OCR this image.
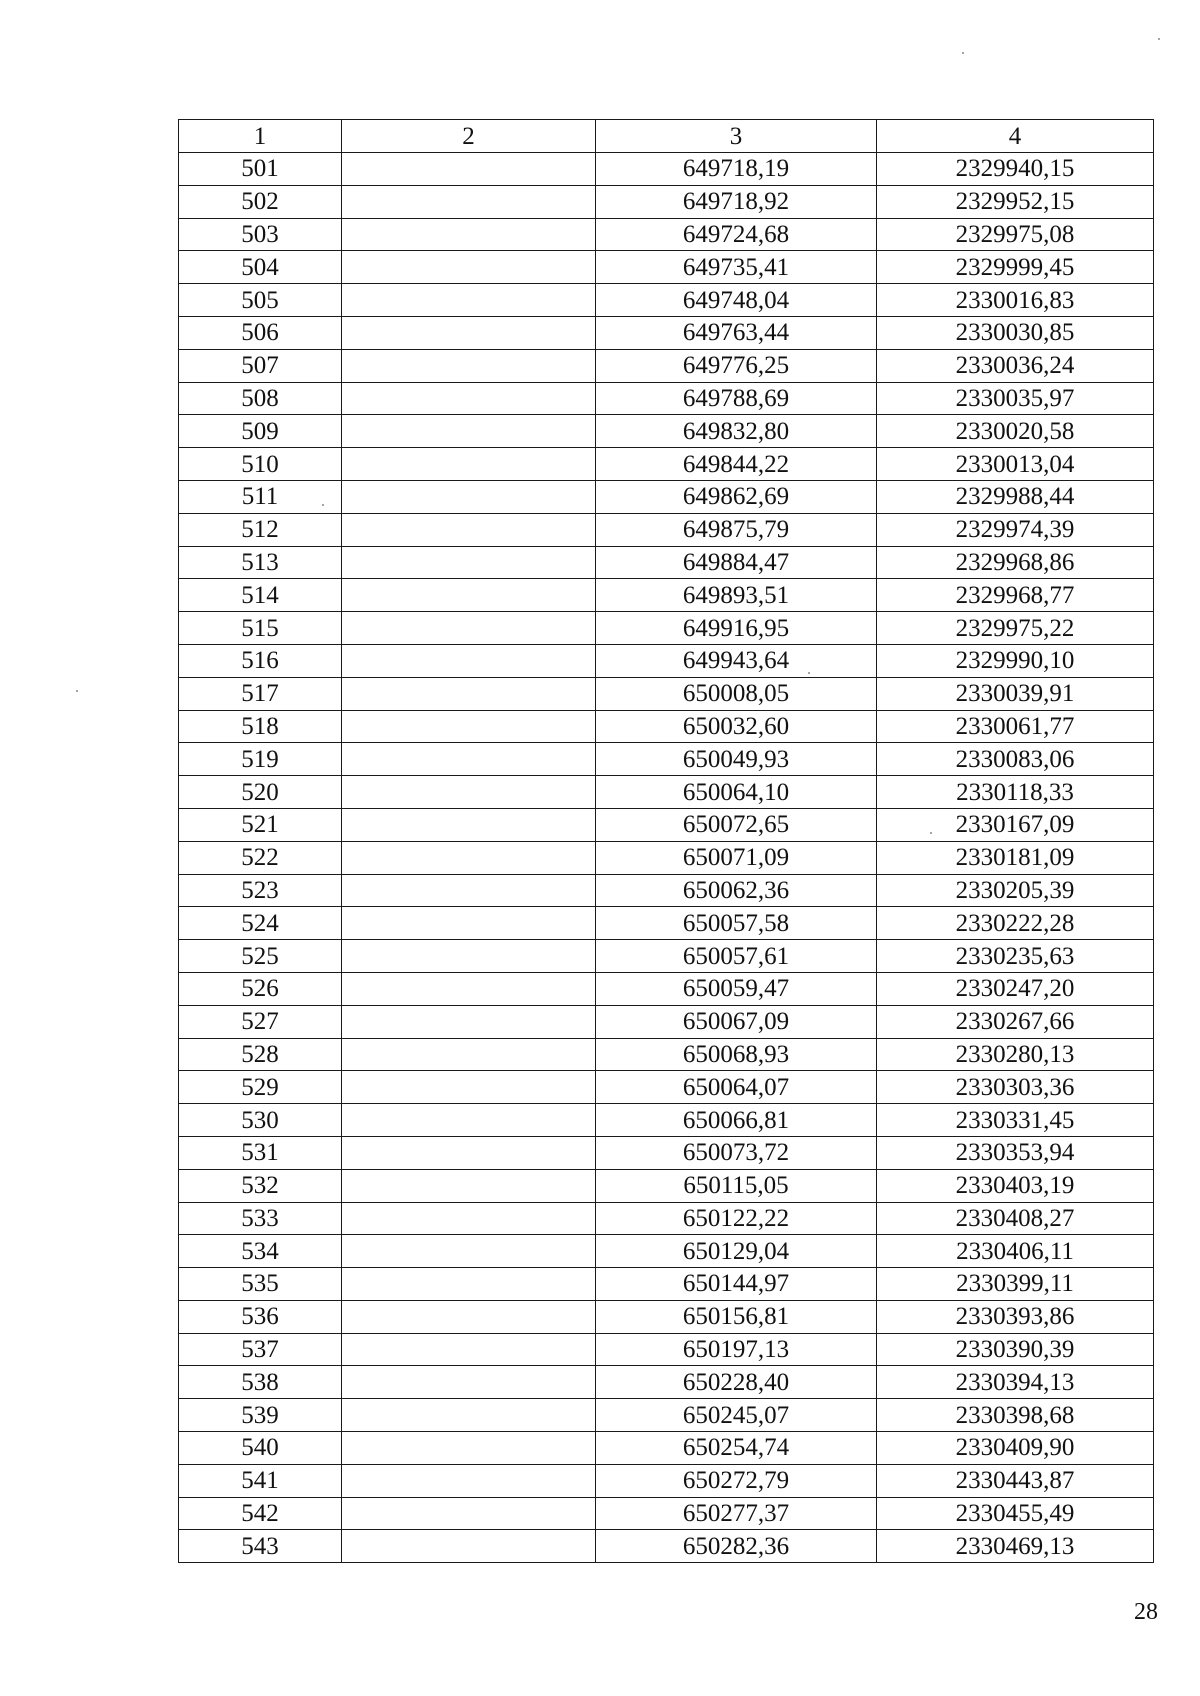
1	2	3	4
501		649718,19	2329940,15
502		649718,92	2329952,15
503		649724,68	2329975,08
504		649735,41	2329999,45
505		649748,04	2330016,83
506		649763,44	2330030,85
507		649776,25	2330036,24
508		649788,69	2330035,97
509		649832,80	2330020,58
510		649844,22	2330013,04
511		649862,69	2329988,44
512		649875,79	2329974,39
513		649884,47	2329968,86
514		649893,51	2329968,77
515		649916,95	2329975,22
516		649943,64	2329990,10
517		650008,05	2330039,91
518		650032,60	2330061,77
519		650049,93	2330083,06
520		650064,10	2330118,33
521		650072,65	2330167,09
522		650071,09	2330181,09
523		650062,36	2330205,39
524		650057,58	2330222,28
525		650057,61	2330235,63
526		650059,47	2330247,20
527		650067,09	2330267,66
528		650068,93	2330280,13
529		650064,07	2330303,36
530		650066,81	2330331,45
531		650073,72	2330353,94
532		650115,05	2330403,19
533		650122,22	2330408,27
534		650129,04	2330406,11
535		650144,97	2330399,11
536		650156,81	2330393,86
537		650197,13	2330390,39
538		650228,40	2330394,13
539		650245,07	2330398,68
540		650254,74	2330409,90
541		650272,79	2330443,87
542		650277,37	2330455,49
543		650282,36	2330469,13
28
